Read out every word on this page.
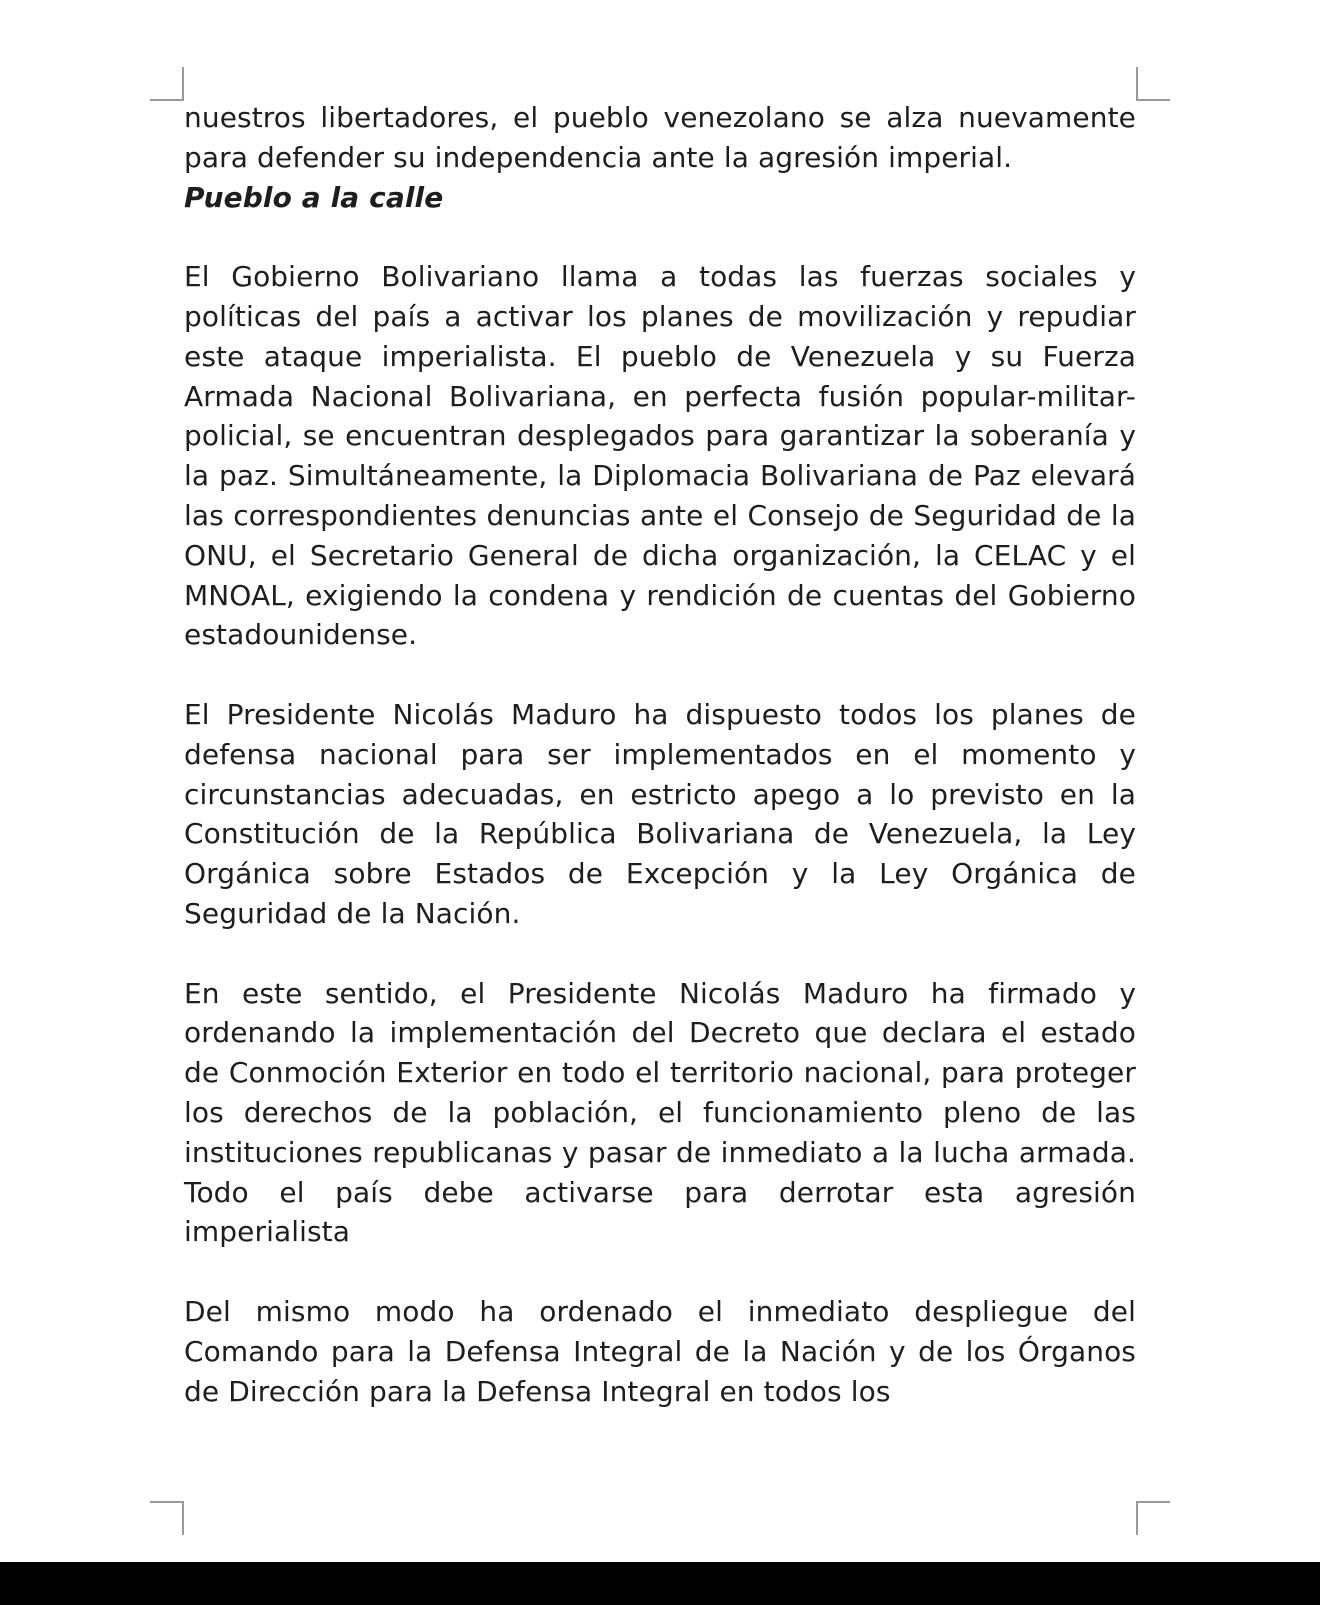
nuestros libertadores, el pueblo venezolano se alza nuevamente para defender su independencia ante la agresión imperial.

Pueblo a la calle

El Gobierno Bolivariano llama a todas las fuerzas sociales y políticas del país a activar los planes de movilización y repudiar este ataque imperialista. El pueblo de Venezuela y su Fuerza Armada Nacional Bolivariana, en perfecta fusión popular-militar-policial, se encuentran desplegados para garantizar la soberanía y la paz. Simultáneamente, la Diplomacia Bolivariana de Paz elevará las correspondientes denuncias ante el Consejo de Seguridad de la ONU, el Secretario General de dicha organización, la CELAC y el MNOAL, exigiendo la condena y rendición de cuentas del Gobierno estadounidense.

El Presidente Nicolás Maduro ha dispuesto todos los planes de defensa nacional para ser implementados en el momento y circunstancias adecuadas, en estricto apego a lo previsto en la Constitución de la República Bolivariana de Venezuela, la Ley Orgánica sobre Estados de Excepción y la Ley Orgánica de Seguridad de la Nación.

En este sentido, el Presidente Nicolás Maduro ha firmado y ordenando la implementación del Decreto que declara el estado de Conmoción Exterior en todo el territorio nacional, para proteger los derechos de la población, el funcionamiento pleno de las instituciones republicanas y pasar de inmediato a la lucha armada. Todo el país debe activarse para derrotar esta agresión imperialista

Del mismo modo ha ordenado el inmediato despliegue del Comando para la Defensa Integral de la Nación y de los Órganos de Dirección para la Defensa Integral en todos los
